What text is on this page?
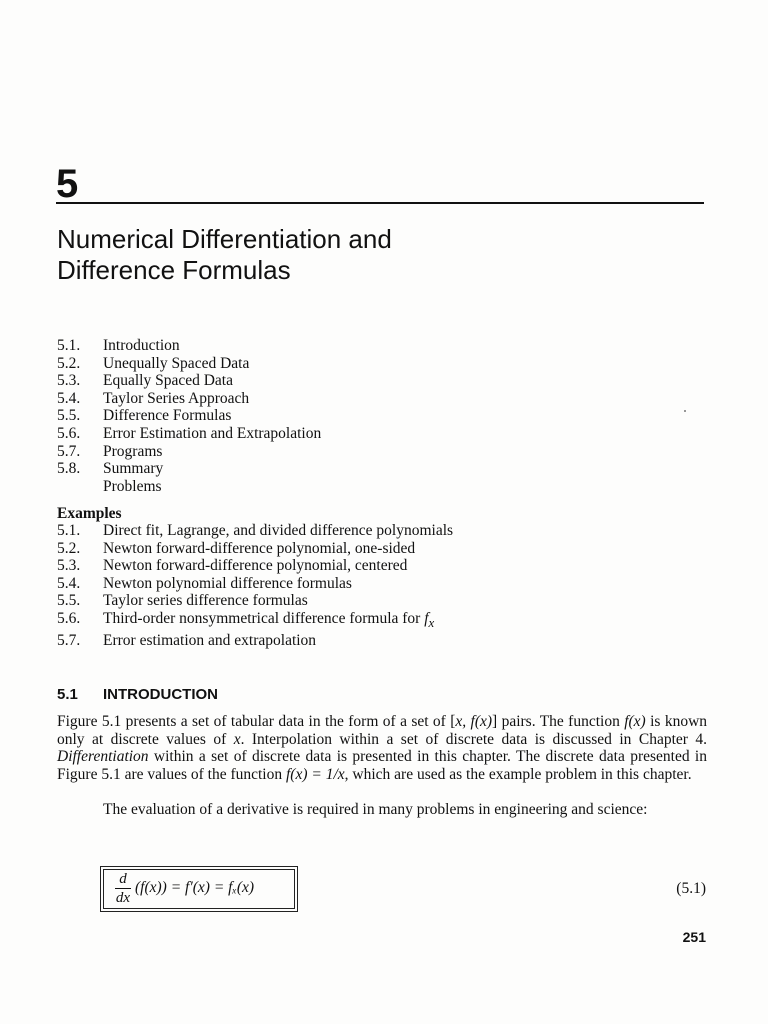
5
Numerical Differentiation and
Difference Formulas
5.1.	Introduction
5.2.	Unequally Spaced Data
5.3.	Equally Spaced Data
5.4.	Taylor Series Approach
5.5.	Difference Formulas
5.6.	Error Estimation and Extrapolation
5.7.	Programs
5.8.	Summary
Problems
Examples
5.1.	Direct fit, Lagrange, and divided difference polynomials
5.2.	Newton forward-difference polynomial, one-sided
5.3.	Newton forward-difference polynomial, centered
5.4.	Newton polynomial difference formulas
5.5.	Taylor series difference formulas
5.6.	Third-order nonsymmetrical difference formula for $f_x$
5.7.	Error estimation and extrapolation
5.1 INTRODUCTION

Figure 5.1 presents a set of tabular data in the form of a set of [x, f(x)] pairs. The function f(x) is known only at discrete values of x. Interpolation within a set of discrete data is discussed in Chapter 4. Differentiation within a set of discrete data is presented in this chapter. The discrete data presented in Figure 5.1 are values of the function f(x) = 1/x, which are used as the example problem in this chapter.

The evaluation of a derivative is required in many problems in engineering and science:

d
dx
(f(x)) = f′(x) = fₓ(x)	(5.1)
251
